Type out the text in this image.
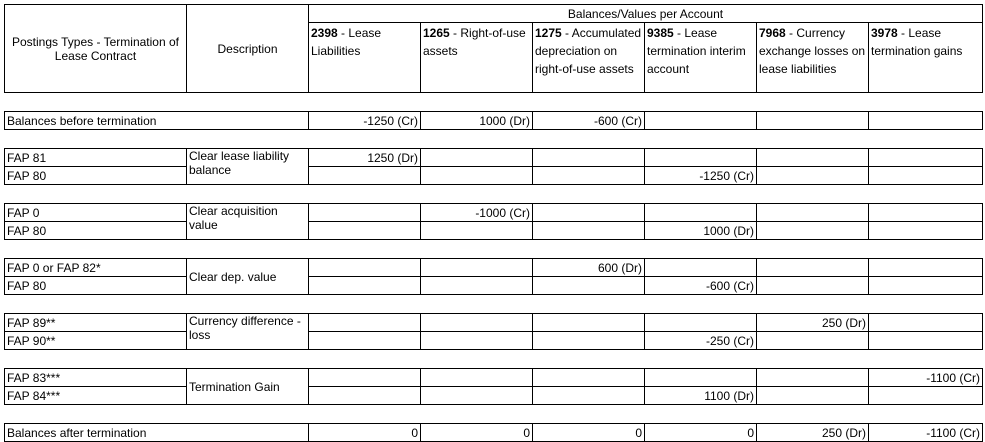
Postings Types - Termination of Lease Contract	Description	Balances/Values per Account					
		2398 - Lease Liabilities	1265 - Right-of-use assets	1275 - Accumulated depreciation on right-of-use assets	9385 - Lease termination interim account	7968 - Currency exchange losses on lease liabilities	3978 - Lease termination gains

Balances before termination		-1250 (Cr)	1000 (Dr)	-600 (Cr)			

FAP 81	Clear lease liability balance	1250 (Dr)					
FAP 80					-1250 (Cr)		

FAP 0	Clear acquisition value		-1000 (Cr)				
FAP 80					1000 (Dr)		

FAP 0 or FAP 82*	Clear dep. value			600 (Dr)			
FAP 80					-600 (Cr)		

FAP 89**	Currency difference - loss					250 (Dr)	
FAP 90**					-250 (Cr)		

FAP 83***	Termination Gain						-1100 (Cr)
FAP 84***					1100 (Dr)		

Balances after termination		0	0	0	0	250 (Dr)	-1100 (Cr)
